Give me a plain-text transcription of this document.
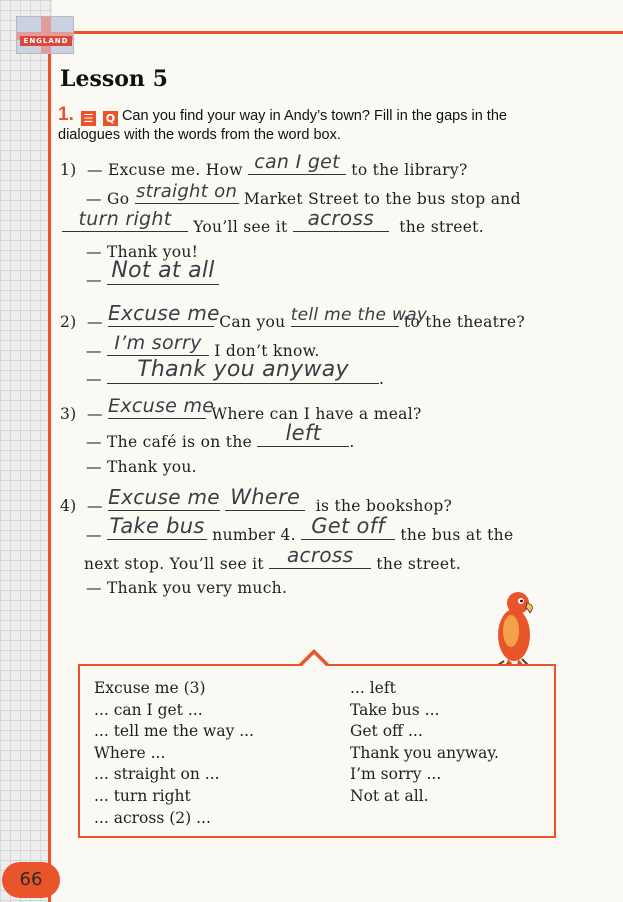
ENGLAND
Lesson 5
1. ☰ Q Can you find your way in Andy’s town? Fill in the gaps in the dialogues with the words from the word box.
1) — Excuse me. How can I get to the library?
— Go straight on Market Street to the bus stop and
turn right	You’ll see it	across	the street.
— Thank you!
— Not at all
2) — Excuse me Can you tell me the way
to the theatre?
— I’m sorry I don’t know.
—	Thank you anyway	.
3) — Excuse me
Where can I have a meal?
— The café is on the	left	.
— Thank you.
4) — Excuse me
Where is the bookshop?
— Take bus number 4. Get off the bus at the
next stop. You’ll see it	across	the street.
— Thank you very much.
Excuse me (3)
... can I get ...
... tell me the way ...
Where ...
... straight on ...
... turn right
... across (2) ...
... left
Take bus ...
Get off ...
Thank you anyway.
I’m sorry ...
Not at all.
66
